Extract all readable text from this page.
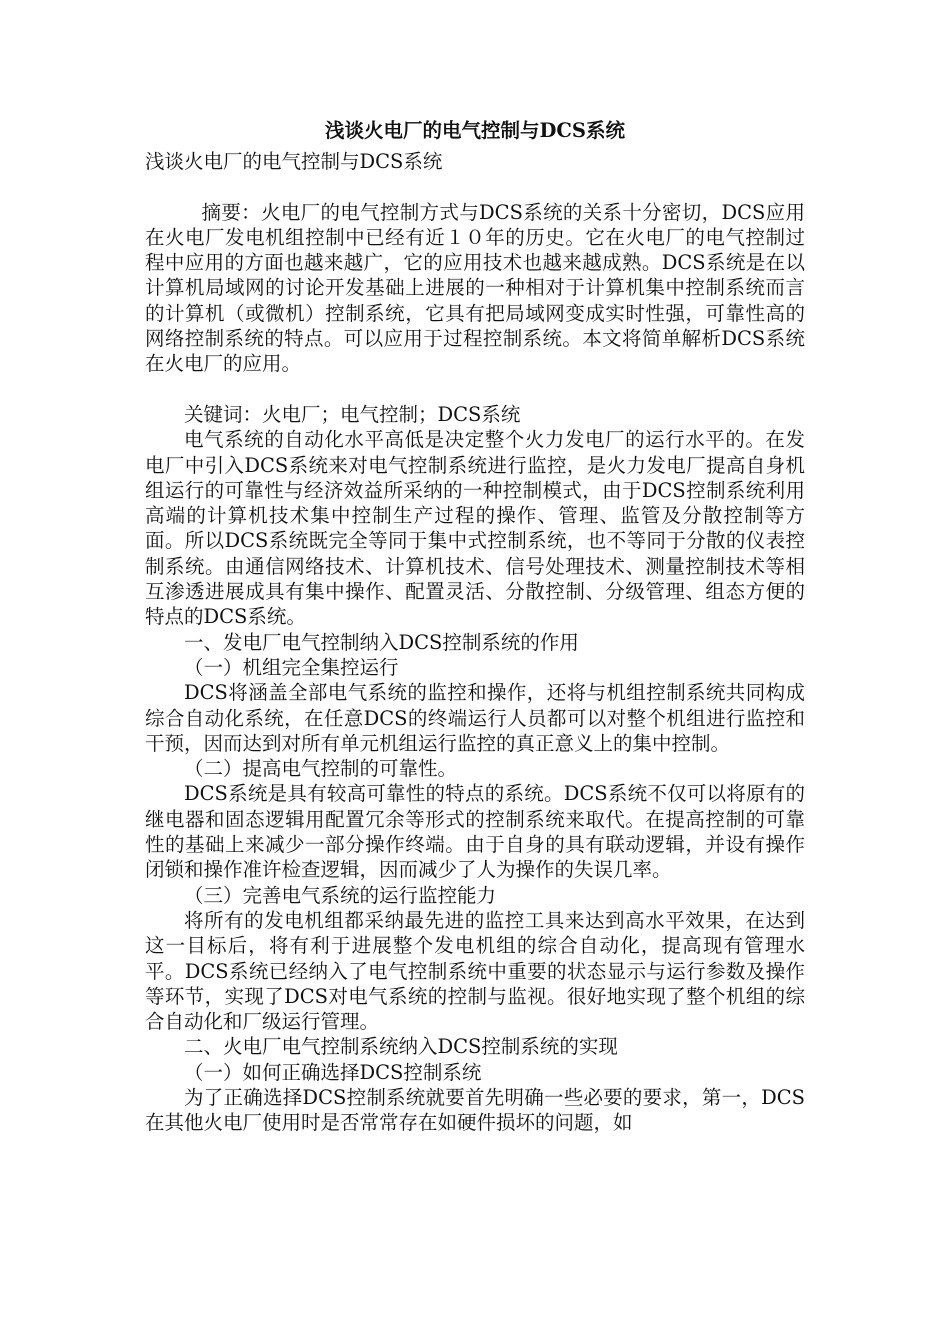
浅谈火电厂的电气控制与DCS系统

浅谈火电厂的电气控制与DCS系统

摘要：火电厂的电气控制方式与DCS系统的关系十分密切，DCS应用在火电厂发电机组控制中已经有近１０年的历史。它在火电厂的电气控制过程中应用的方面也越来越广，它的应用技术也越来越成熟。DCS系统是在以计算机局域网的讨论开发基础上进展的一种相对于计算机集中控制系统而言的计算机（或微机）控制系统，它具有把局域网变成实时性强，可靠性高的网络控制系统的特点。可以应用于过程控制系统。本文将简单解析DCS系统在火电厂的应用。

关键词：火电厂；电气控制；DCS系统

电气系统的自动化水平高低是决定整个火力发电厂的运行水平的。在发电厂中引入DCS系统来对电气控制系统进行监控，是火力发电厂提高自身机组运行的可靠性与经济效益所采纳的一种控制模式，由于DCS控制系统利用高端的计算机技术集中控制生产过程的操作、管理、监管及分散控制等方面。所以DCS系统既完全等同于集中式控制系统，也不等同于分散的仪表控制系统。由通信网络技术、计算机技术、信号处理技术、测量控制技术等相互渗透进展成具有集中操作、配置灵活、分散控制、分级管理、组态方便的特点的DCS系统。

一、发电厂电气控制纳入DCS控制系统的作用

（一）机组完全集控运行

DCS将涵盖全部电气系统的监控和操作，还将与机组控制系统共同构成综合自动化系统，在任意DCS的终端运行人员都可以对整个机组进行监控和干预，因而达到对所有单元机组运行监控的真正意义上的集中控制。

（二）提高电气控制的可靠性。

DCS系统是具有较高可靠性的特点的系统。DCS系统不仅可以将原有的继电器和固态逻辑用配置冗余等形式的控制系统来取代。在提高控制的可靠性的基础上来减少一部分操作终端。由于自身的具有联动逻辑，并设有操作闭锁和操作准许检查逻辑，因而减少了人为操作的失误几率。

（三）完善电气系统的运行监控能力

将所有的发电机组都采纳最先进的监控工具来达到高水平效果，在达到这一目标后，将有利于进展整个发电机组的综合自动化，提高现有管理水平。DCS系统已经纳入了电气控制系统中重要的状态显示与运行参数及操作等环节，实现了DCS对电气系统的控制与监视。很好地实现了整个机组的综合自动化和厂级运行管理。

二、火电厂电气控制系统纳入DCS控制系统的实现

（一）如何正确选择DCS控制系统

为了正确选择DCS控制系统就要首先明确一些必要的要求，第一，DCS在其他火电厂使用时是否常常存在如硬件损坏的问题，如
